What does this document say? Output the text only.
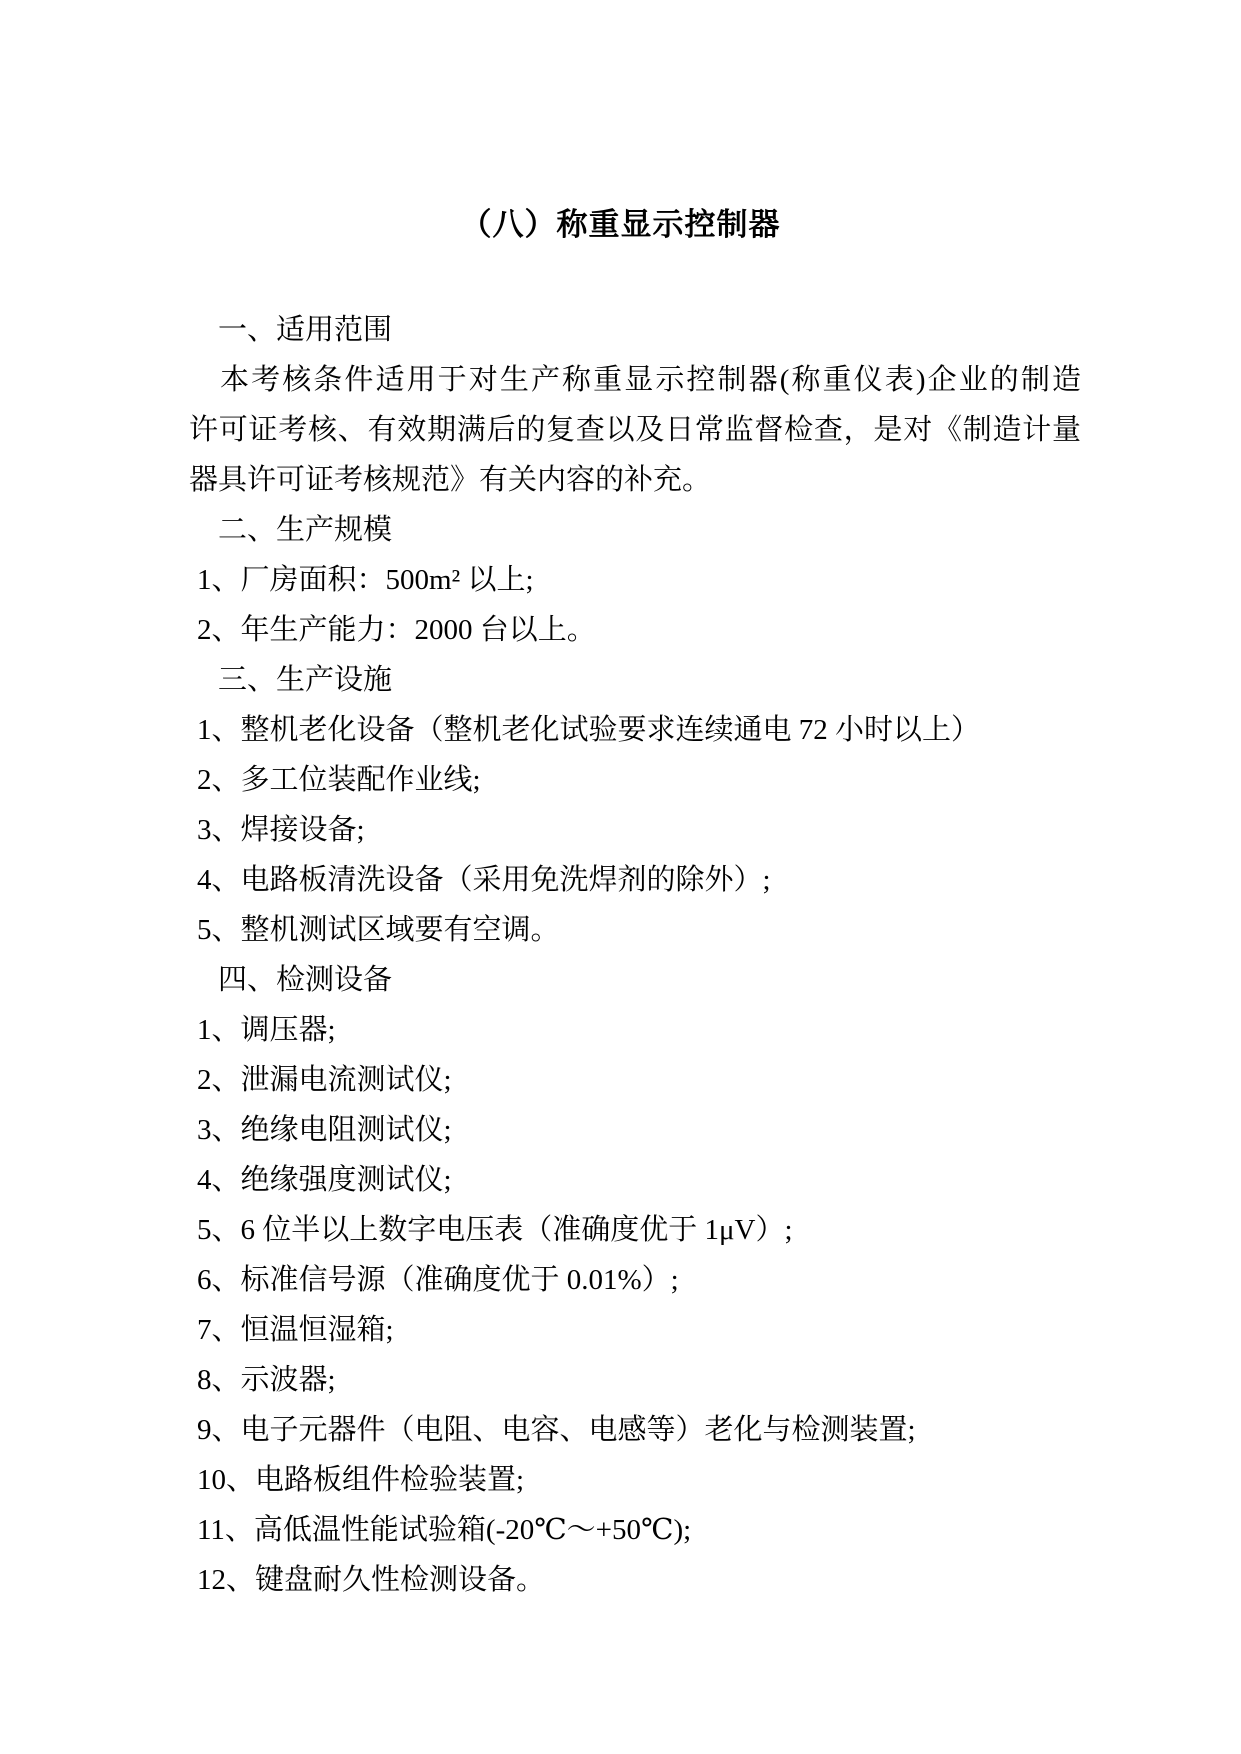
（八）称重显示控制器
一、适用范围
本考核条件适用于对生产称重显示控制器(称重仪表)企业的制造
许可证考核、有效期满后的复查以及日常监督检查，是对《制造计量
器具许可证考核规范》有关内容的补充。
二、生产规模
1、厂房面积：500m² 以上;
2、年生产能力：2000 台以上。
三、生产设施
1、整机老化设备（整机老化试验要求连续通电 72 小时以上）
2、多工位装配作业线;
3、焊接设备;
4、电路板清洗设备（采用免洗焊剂的除外）;
5、整机测试区域要有空调。
四、检测设备
1、调压器;
2、泄漏电流测试仪;
3、绝缘电阻测试仪;
4、绝缘强度测试仪;
5、6 位半以上数字电压表（准确度优于 1μV）;
6、标准信号源（准确度优于 0.01%）;
7、恒温恒湿箱;
8、示波器;
9、电子元器件（电阻、电容、电感等）老化与检测装置;
10、电路板组件检验装置;
11、高低温性能试验箱(-20℃～+50℃);
12、键盘耐久性检测设备。
